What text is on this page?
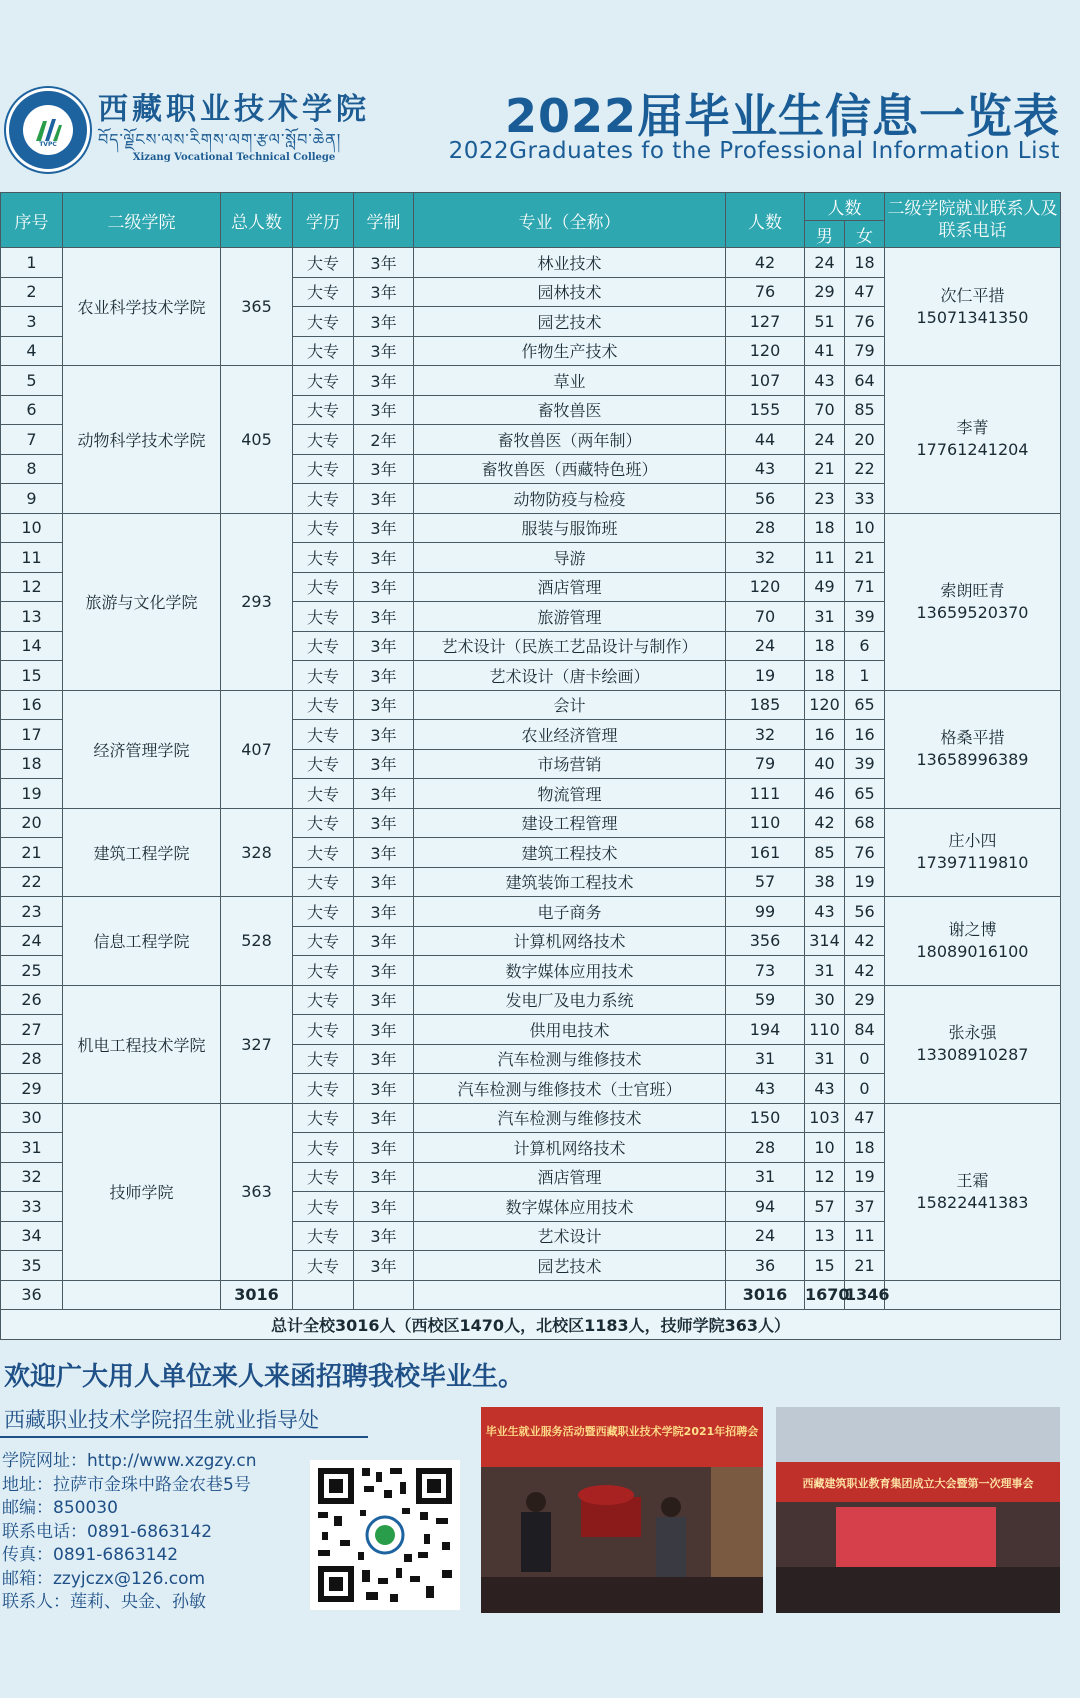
TVPC
西藏职业技术学院
བོད་ལྗོངས་ལས་རིགས་ལག་རྩལ་སློབ་ཆེན།
Xizang Vocational Technical College
2022届毕业生信息一览表
2022Graduates fo the Professional Information List
序号	二级学院	总人数	学历	学制	专业（全称）	人数	人数		二级学院就业联系人及联系电话
							男	女	
1	农业科学技术学院	365	大专	3年	林业技术	42	24	18	次仁平措
15071341350

2			大专	3年	园林技术	76	29	47	
3			大专	3年	园艺技术	127	51	76	
4			大专	3年	作物生产技术	120	41	79	
5	动物科学技术学院	405	大专	3年	草业	107	43	64	李菁
17761241204

6			大专	3年	畜牧兽医	155	70	85	
7			大专	2年	畜牧兽医（两年制）	44	24	20	
8			大专	3年	畜牧兽医（西藏特色班）	43	21	22	
9			大专	3年	动物防疫与检疫	56	23	33	
10	旅游与文化学院	293	大专	3年	服装与服饰班	28	18	10	索朗旺青
13659520370

11			大专	3年	导游	32	11	21	
12			大专	3年	酒店管理	120	49	71	
13			大专	3年	旅游管理	70	31	39	
14			大专	3年	艺术设计（民族工艺品设计与制作）	24	18	6	
15			大专	3年	艺术设计（唐卡绘画）	19	18	1	
16	经济管理学院	407	大专	3年	会计	185	120	65	格桑平措
13658996389

17			大专	3年	农业经济管理	32	16	16	
18			大专	3年	市场营销	79	40	39	
19			大专	3年	物流管理	111	46	65	
20	建筑工程学院	328	大专	3年	建设工程管理	110	42	68	庄小四
17397119810

21			大专	3年	建筑工程技术	161	85	76	
22			大专	3年	建筑装饰工程技术	57	38	19	
23	信息工程学院	528	大专	3年	电子商务	99	43	56	谢之博
18089016100

24			大专	3年	计算机网络技术	356	314	42	
25			大专	3年	数字媒体应用技术	73	31	42	
26	机电工程技术学院	327	大专	3年	发电厂及电力系统	59	30	29	张永强
13308910287

27			大专	3年	供用电技术	194	110	84	
28			大专	3年	汽车检测与维修技术	31	31	0	
29			大专	3年	汽车检测与维修技术（士官班）	43	43	0	
30	技师学院	363	大专	3年	汽车检测与维修技术	150	103	47	王霜
15822441383

31			大专	3年	计算机网络技术	28	10	18	
32			大专	3年	酒店管理	31	12	19	
33			大专	3年	数字媒体应用技术	94	57	37	
34			大专	3年	艺术设计	24	13	11	
35			大专	3年	园艺技术	36	15	21	
36		3016				3016	1670	1346	
总计全校3016人（西校区1470人，北校区1183人，技师学院363人）									
欢迎广大用人单位来人来函招聘我校毕业生。
西藏职业技术学院招生就业指导处
学院网址：http://www.xzgzy.cn
地址：拉萨市金珠中路金农巷5号
邮编：850030
联系电话：0891-6863142
传真：0891-6863142
邮箱：zzyjczx@126.com
联系人：莲莉、央金、孙敏
毕业生就业服务活动暨西藏职业技术学院2021年招聘会
西藏建筑职业教育集团成立大会暨第一次理事会
